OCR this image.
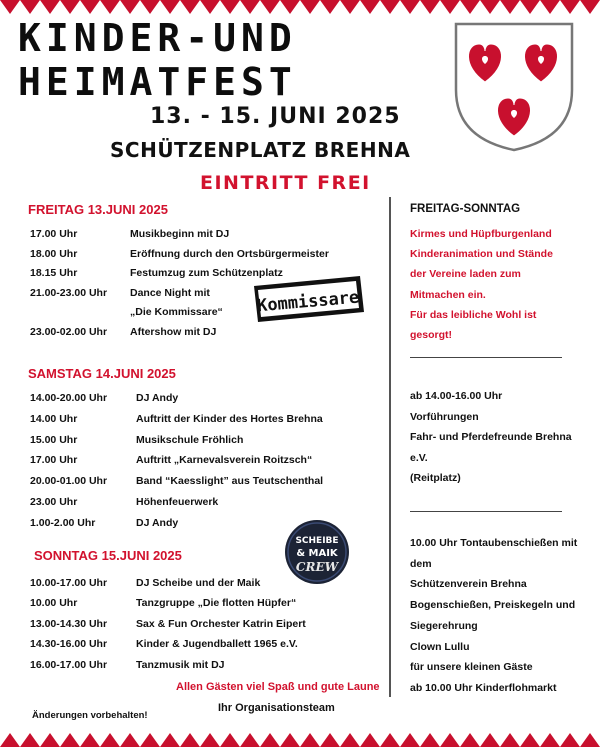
KINDER-UND
HEIMATFEST
13. - 15. JUNI 2025
SCHÜTZENPLATZ BREHNA
EINTRITT FREI
FREITAG 13.JUNI 2025
17.00 Uhr	Musikbeginn mit DJ
18.00 Uhr	Eröffnung durch den Ortsbürgermeister
18.15 Uhr	Festumzug zum Schützenplatz
21.00-23.00 Uhr Dance Night mit
„Die Kommissare“
23.00-02.00 Uhr Aftershow mit DJ
Kommissare
SAMSTAG 14.JUNI 2025
14.00-20.00 Uhr	DJ Andy
14.00 Uhr	Auftritt der Kinder des Hortes Brehna
15.00 Uhr	Musikschule Fröhlich
17.00 Uhr	Auftritt „Karnevalsverein Roitzsch“
20.00-01.00 Uhr	Band “Kaesslight” aus Teutschenthal
23.00 Uhr	Höhenfeuerwerk
1.00-2.00 Uhr	DJ Andy
SONNTAG 15.JUNI 2025
SCHEIBE
& MAIK
CREW
10.00-17.00 Uhr	DJ Scheibe und der Maik
10.00 Uhr	Tanzgruppe „Die flotten Hüpfer“
13.00-14.30 Uhr	Sax & Fun Orchester Katrin Eipert
14.30-16.00 Uhr	Kinder & Jugendballett 1965 e.V.
16.00-17.00 Uhr	Tanzmusik mit DJ
FREITAG-SONNTAG
Kirmes und Hüpfburgenland
Kinderanimation und Stände
der Vereine laden zum
Mitmachen ein.
Für das leibliche Wohl ist
gesorgt!
ab 14.00-16.00 Uhr
Vorführungen
Fahr- und Pferdefreunde Brehna
e.V.
(Reitplatz)
10.00 Uhr Tontaubenschießen mit
dem
Schützenverein Brehna
Bogenschießen, Preiskegeln und
Siegerehrung
Clown Lullu
für unsere kleinen Gäste
ab 10.00 Uhr Kinderflohmarkt
Allen Gästen viel Spaß und gute Laune
Ihr Organisationsteam
Änderungen vorbehalten!
